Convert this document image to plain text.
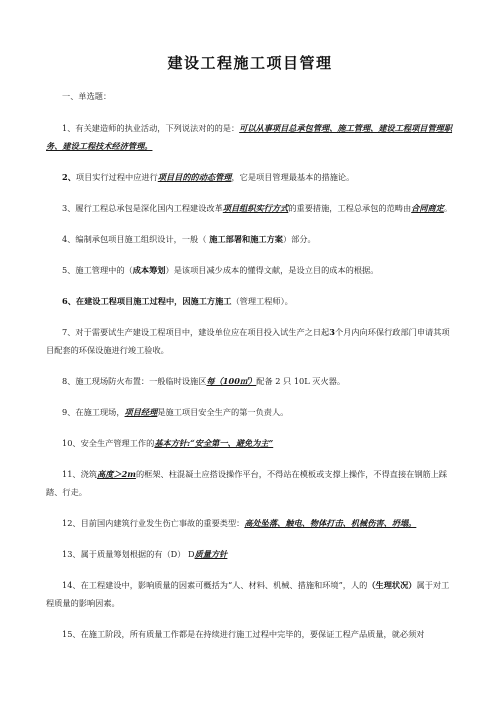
建设工程施工项目管理
一、单选题：

1、有关建造师的执业活动，下列说法对的的是：可以从事项目总承包管理、施工管理、建设工程项目管理职务、建设工程技术经济管理。

2、项目实行过程中应进行项目目的的动态管理，它是项目管理最基本的措施论。

3、履行工程总承包是深化国内工程建设改革项目组织实行方式的重要措施，工程总承包的范畴由合同商定。

4、编制承包项目施工组织设计，一般（ 施工部署和施工方案）部分。

5、施工管理中的（成本筹划）是该项目减少成本的懂得文献，是设立目的成本的根据。

6、在建设工程项目施工过程中，因施工方施工（管理工程师）。

7、对于需要试生产建设工程项目中，建设单位应在项目投入试生产之日起3个月内向环保行政部门申请其项目配套的环保设施进行竣工验收。

8、施工现场防火布置：一般临时设施区每（100㎡）配备 2 只 10L 灭火器。

9、在施工现场，项目经理是施工项目安全生产的第一负责人。

10、安全生产管理工作的基本方针:“安全第一、避免为主”

11、浇筑高度＞2m的框架、柱混凝土应搭设操作平台，不得站在模板或支撑上操作，不得直接在钢筋上踩踏、行走。

12、目前国内建筑行业发生伤亡事故的重要类型：高处坠落、触电、物体打击、机械伤害、坍塌。

13、属于质量筹划根据的有（D） D质量方针

14、在工程建设中，影响质量的因素可概括为“人、材料、机械、措施和环境”，人的（生理状况）属于对工程质量的影响因素。

15、在施工阶段，所有质量工作都是在持续进行施工过程中完毕的，要保证工程产品质量，就必须对
